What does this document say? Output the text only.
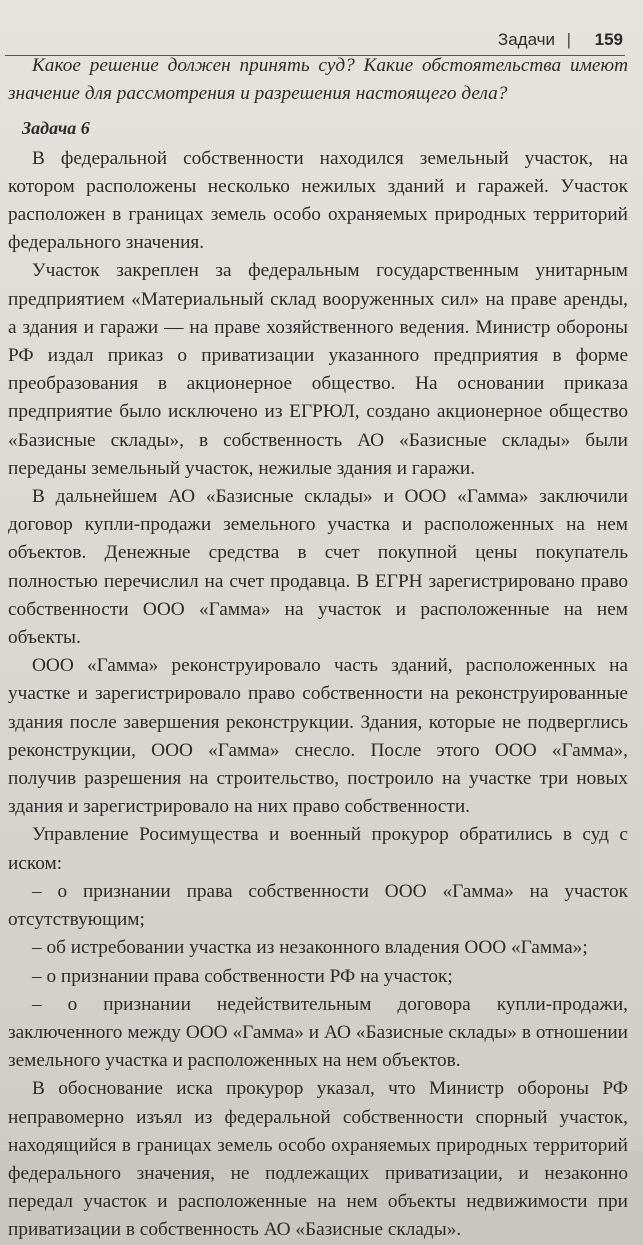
Задачи | 159

Какое решение должен принять суд? Какие обстоятельства имеют значение для рассмотрения и разрешения настоящего дела?

Задача 6

В федеральной собственности находился земельный участок, на котором расположены несколько нежилых зданий и гаражей. Участок расположен в границах земель особо охраняемых природных территорий федерального значения.

Участок закреплен за федеральным государственным унитарным предприятием «Материальный склад вооруженных сил» на праве аренды, а здания и гаражи — на праве хозяйственного ведения. Министр обороны РФ издал приказ о приватизации указанного предприятия в форме преобразования в акционерное общество. На основании приказа предприятие было исключено из ЕГРЮЛ, создано акционерное общество «Базисные склады», в собственность АО «Базисные склады» были переданы земельный участок, нежилые здания и гаражи.

В дальнейшем АО «Базисные склады» и ООО «Гамма» заключили договор купли-продажи земельного участка и расположенных на нем объектов. Денежные средства в счет покупной цены покупатель полностью перечислил на счет продавца. В ЕГРН зарегистрировано право собственности ООО «Гамма» на участок и расположенные на нем объекты.

ООО «Гамма» реконструировало часть зданий, расположенных на участке и зарегистрировало право собственности на реконструированные здания после завершения реконструкции. Здания, которые не подверглись реконструкции, ООО «Гамма» снесло. После этого ООО «Гамма», получив разрешения на строительство, построило на участке три новых здания и зарегистрировало на них право собственности.

Управление Росимущества и военный прокурор обратились в суд с иском:

– о признании права собственности ООО «Гамма» на участок отсутствующим;

– об истребовании участка из незаконного владения ООО «Гамма»;

– о признании права собственности РФ на участок;

– о признании недействительным договора купли-продажи, заключенного между ООО «Гамма» и АО «Базисные склады» в отношении земельного участка и расположенных на нем объектов.

В обоснование иска прокурор указал, что Министр обороны РФ неправомерно изъял из федеральной собственности спорный участок, находящийся в границах земель особо охраняемых природных территорий федерального значения, не подлежащих приватизации, и незаконно передал участок и расположенные на нем объекты недвижимости при приватизации в собственность АО «Базисные склады».
